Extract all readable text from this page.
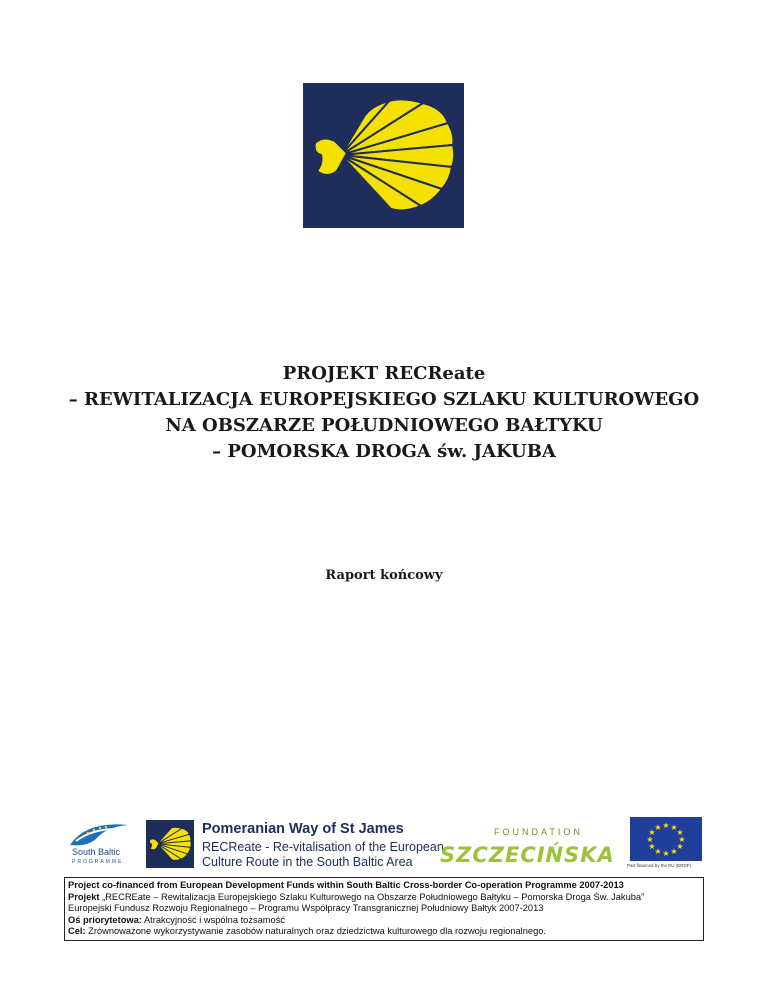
PROJEKT RECReate
– REWITALIZACJA EUROPEJSKIEGO SZLAKU KULTUROWEGO
NA OBSZARZE POŁUDNIOWEGO BAŁTYKU
– POMORSKA DROGA św. JAKUBA
Raport końcowy
South Baltic
PROGRAMME
Pomeranian Way of St James
RECReate - Re-vitalisation of the European
Culture Route in the South Baltic Area
FOUNDATION
SZCZECIŃSKA
★ ★
★
★
★
★
★
★
★
★
★
★
Part financed by the EU (ERDF)
Project co-financed from European Development Funds within South Baltic Cross-border Co-operation Programme 2007-2013
Projekt „RECREate – Rewitalizacja Europejskiego Szlaku Kulturowego na Obszarze Południowego Bałtyku – Pomorska Droga Św. Jakuba”
Europejski Fundusz Rozwoju Regionalnego – Programu Współpracy Transgranicznej Południowy Bałtyk 2007-2013
Oś priorytetowa: Atrakcyjność i wspólna tożsamość
Cel: Zrównoważone wykorzystywanie zasobów naturalnych oraz dziedzictwa kulturowego dla rozwoju regionalnego.
